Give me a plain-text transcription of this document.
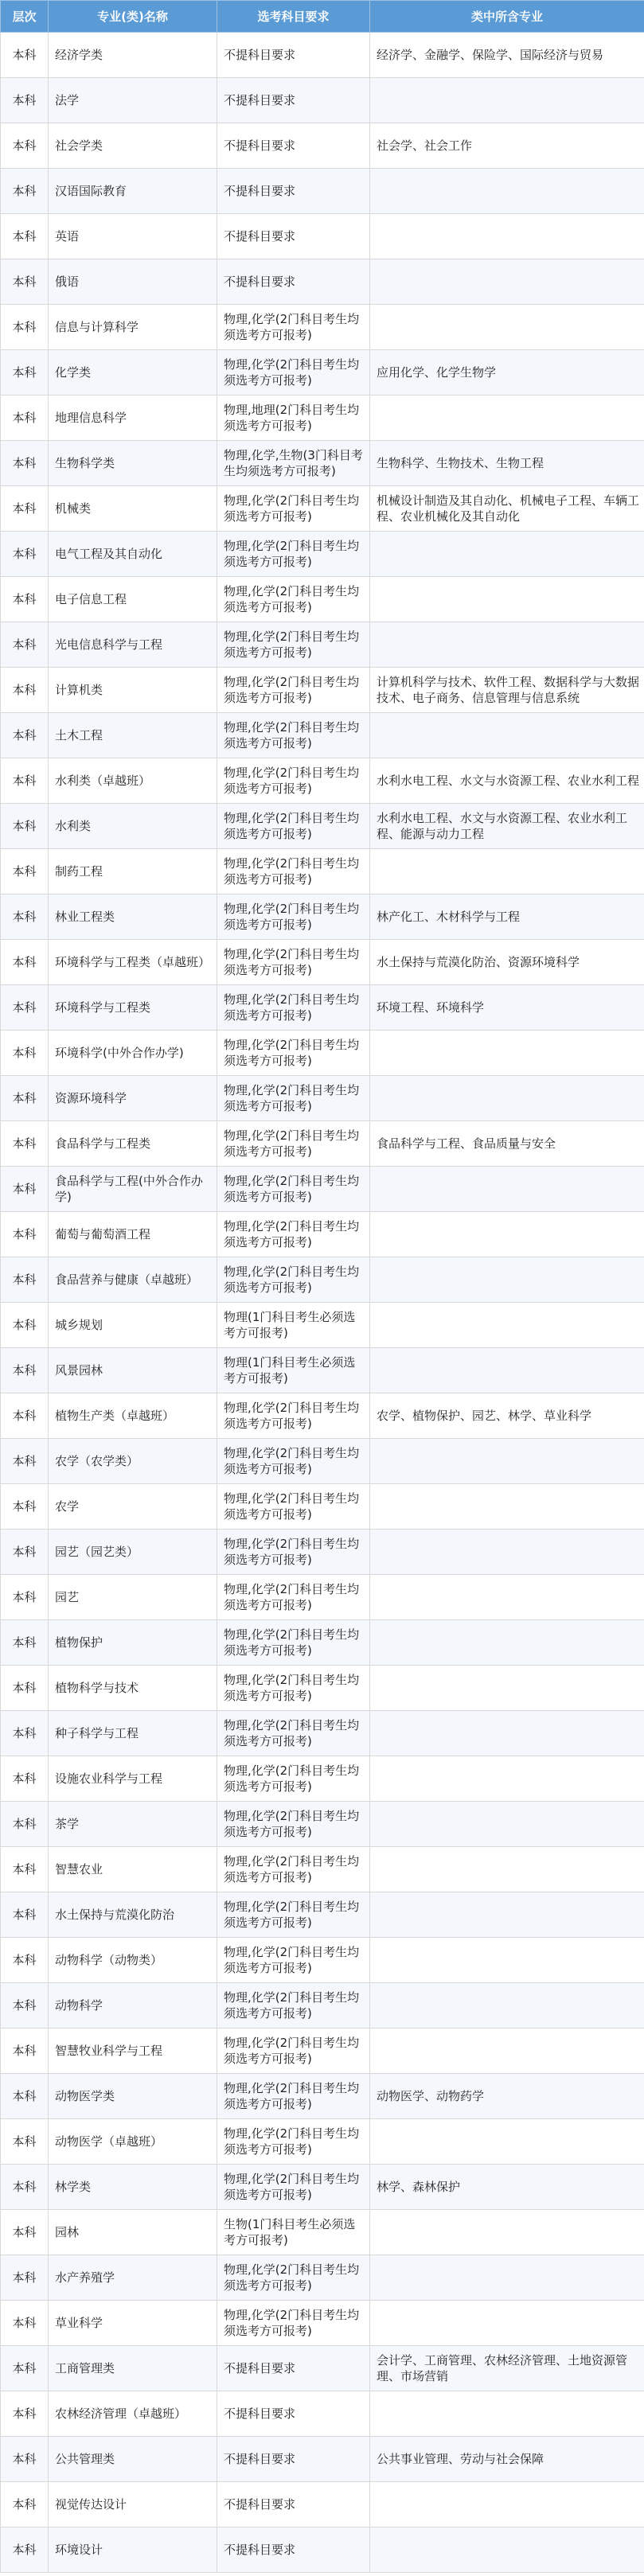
层次	专业(类)名称	选考科目要求	类中所含专业
本科	经济学类	不提科目要求	经济学、金融学、保险学、国际经济与贸易
本科	法学	不提科目要求	
本科	社会学类	不提科目要求	社会学、社会工作
本科	汉语国际教育	不提科目要求	
本科	英语	不提科目要求	
本科	俄语	不提科目要求	
本科	信息与计算科学	物理,化学(2门科目考生均须选考方可报考)	
本科	化学类	物理,化学(2门科目考生均须选考方可报考)	应用化学、化学生物学
本科	地理信息科学	物理,地理(2门科目考生均须选考方可报考)	
本科	生物科学类	物理,化学,生物(3门科目考生均须选考方可报考)	生物科学、生物技术、生物工程
本科	机械类	物理,化学(2门科目考生均须选考方可报考)	机械设计制造及其自动化、机械电子工程、车辆工程、农业机械化及其自动化
本科	电气工程及其自动化	物理,化学(2门科目考生均须选考方可报考)	
本科	电子信息工程	物理,化学(2门科目考生均须选考方可报考)	
本科	光电信息科学与工程	物理,化学(2门科目考生均须选考方可报考)	
本科	计算机类	物理,化学(2门科目考生均须选考方可报考)	计算机科学与技术、软件工程、数据科学与大数据技术、电子商务、信息管理与信息系统
本科	土木工程	物理,化学(2门科目考生均须选考方可报考)	
本科	水利类（卓越班）	物理,化学(2门科目考生均须选考方可报考)	水利水电工程、水文与水资源工程、农业水利工程
本科	水利类	物理,化学(2门科目考生均须选考方可报考)	水利水电工程、水文与水资源工程、农业水利工程、能源与动力工程
本科	制药工程	物理,化学(2门科目考生均须选考方可报考)	
本科	林业工程类	物理,化学(2门科目考生均须选考方可报考)	林产化工、木材科学与工程
本科	环境科学与工程类（卓越班）	物理,化学(2门科目考生均须选考方可报考)	水土保持与荒漠化防治、资源环境科学
本科	环境科学与工程类	物理,化学(2门科目考生均须选考方可报考)	环境工程、环境科学
本科	环境科学(中外合作办学)	物理,化学(2门科目考生均须选考方可报考)	
本科	资源环境科学	物理,化学(2门科目考生均须选考方可报考)	
本科	食品科学与工程类	物理,化学(2门科目考生均须选考方可报考)	食品科学与工程、食品质量与安全
本科	食品科学与工程(中外合作办学)	物理,化学(2门科目考生均须选考方可报考)	
本科	葡萄与葡萄酒工程	物理,化学(2门科目考生均须选考方可报考)	
本科	食品营养与健康（卓越班）	物理,化学(2门科目考生均须选考方可报考)	
本科	城乡规划	物理(1门科目考生必须选考方可报考)	
本科	风景园林	物理(1门科目考生必须选考方可报考)	
本科	植物生产类（卓越班）	物理,化学(2门科目考生均须选考方可报考)	农学、植物保护、园艺、林学、草业科学
本科	农学（农学类）	物理,化学(2门科目考生均须选考方可报考)	
本科	农学	物理,化学(2门科目考生均须选考方可报考)	
本科	园艺（园艺类）	物理,化学(2门科目考生均须选考方可报考)	
本科	园艺	物理,化学(2门科目考生均须选考方可报考)	
本科	植物保护	物理,化学(2门科目考生均须选考方可报考)	
本科	植物科学与技术	物理,化学(2门科目考生均须选考方可报考)	
本科	种子科学与工程	物理,化学(2门科目考生均须选考方可报考)	
本科	设施农业科学与工程	物理,化学(2门科目考生均须选考方可报考)	
本科	茶学	物理,化学(2门科目考生均须选考方可报考)	
本科	智慧农业	物理,化学(2门科目考生均须选考方可报考)	
本科	水土保持与荒漠化防治	物理,化学(2门科目考生均须选考方可报考)	
本科	动物科学（动物类）	物理,化学(2门科目考生均须选考方可报考)	
本科	动物科学	物理,化学(2门科目考生均须选考方可报考)	
本科	智慧牧业科学与工程	物理,化学(2门科目考生均须选考方可报考)	
本科	动物医学类	物理,化学(2门科目考生均须选考方可报考)	动物医学、动物药学
本科	动物医学（卓越班）	物理,化学(2门科目考生均须选考方可报考)	
本科	林学类	物理,化学(2门科目考生均须选考方可报考)	林学、森林保护
本科	园林	生物(1门科目考生必须选考方可报考)	
本科	水产养殖学	物理,化学(2门科目考生均须选考方可报考)	
本科	草业科学	物理,化学(2门科目考生均须选考方可报考)	
本科	工商管理类	不提科目要求	会计学、工商管理、农林经济管理、土地资源管理、市场营销
本科	农林经济管理（卓越班）	不提科目要求	
本科	公共管理类	不提科目要求	公共事业管理、劳动与社会保障
本科	视觉传达设计	不提科目要求	
本科	环境设计	不提科目要求	
